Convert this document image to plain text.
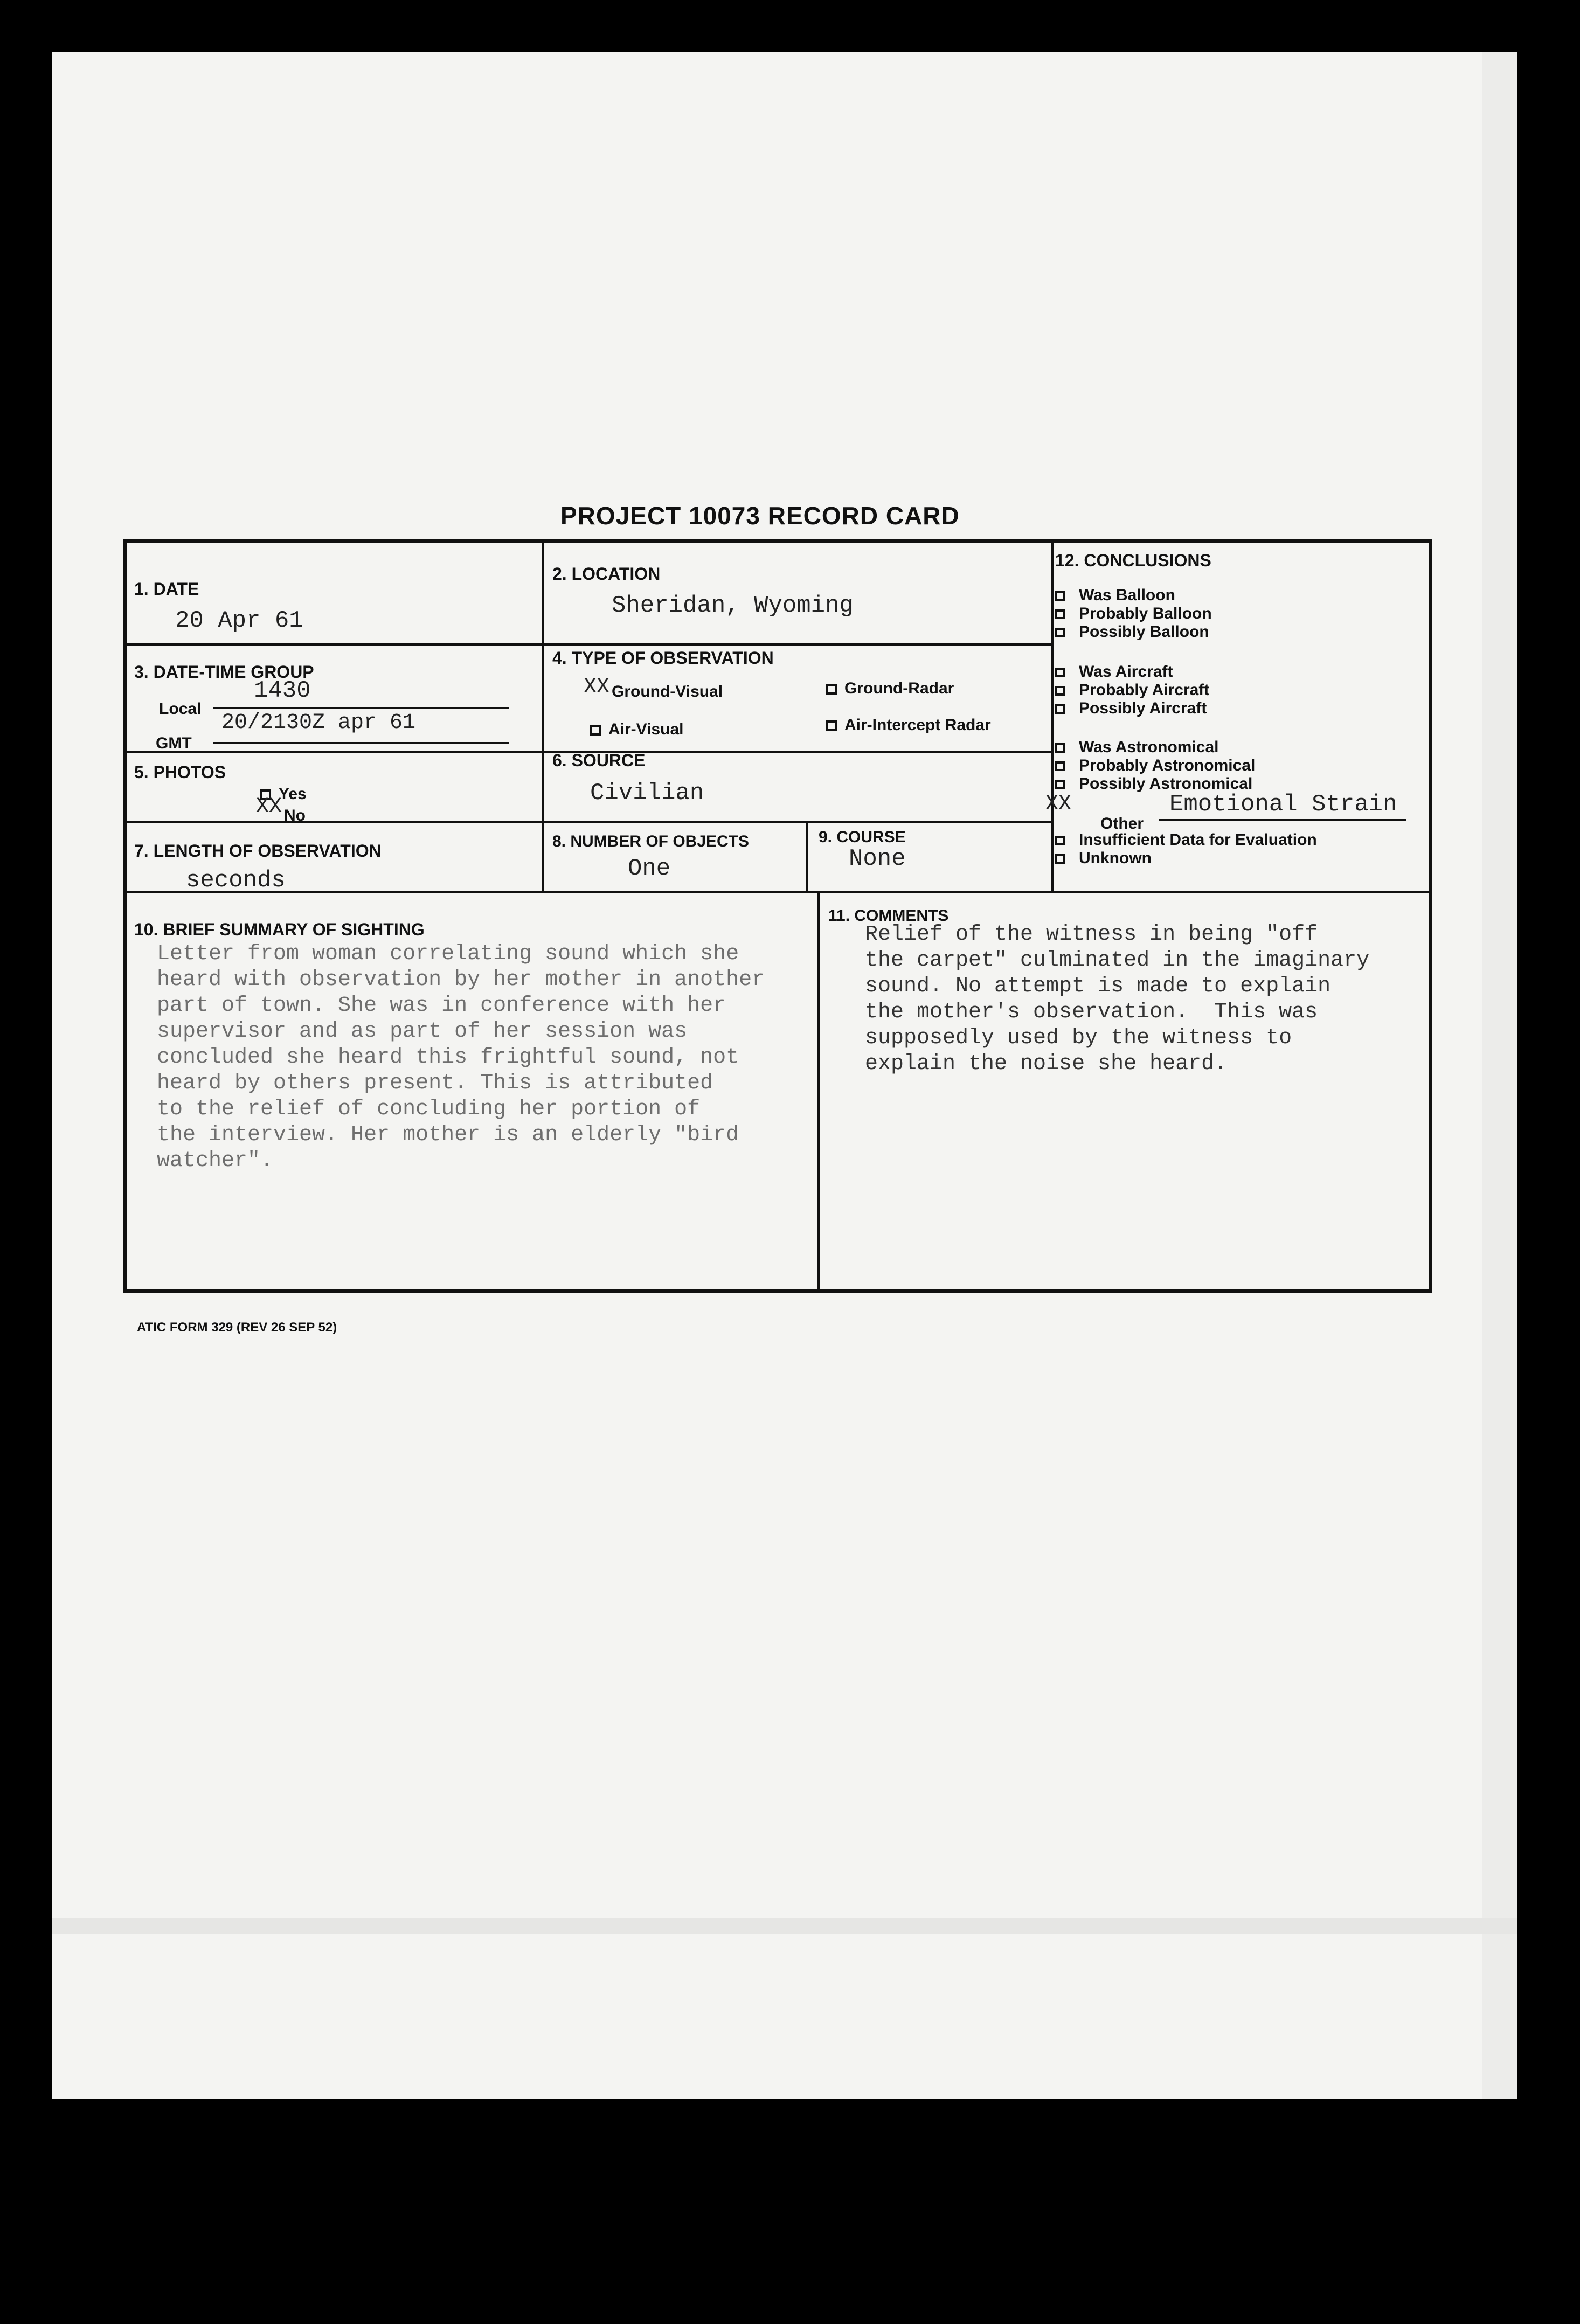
PROJECT 10073 RECORD CARD
1. DATE
20 Apr 61
2. LOCATION
Sheridan, Wyoming
3. DATE-TIME GROUP
Local
1430
GMT
20/2130Z apr 61
4. TYPE OF OBSERVATION
XX Ground-Visual	Ground-Radar
Air-Visual	Air-Intercept Radar
5. PHOTOS
Yes
XX No
6. SOURCE
Civilian
7. LENGTH OF OBSERVATION
seconds
8. NUMBER OF OBJECTS
One
9. COURSE
None
10. BRIEF SUMMARY OF SIGHTING
Letter from woman correlating sound which she
heard with observation by her mother in another
part of town. She was in conference with her
supervisor and as part of her session was
concluded she heard this frightful sound, not
heard by others present. This is attributed
to the relief of concluding her portion of
the interview. Her mother is an elderly "bird
watcher".
11. COMMENTS
Relief of the witness in being "off
the carpet" culminated in the imaginary
sound. No attempt is made to explain
the mother's observation.  This was
supposedly used by the witness to
explain the noise she heard.
12. CONCLUSIONS
Was Balloon
Probably Balloon
Possibly Balloon
Was Aircraft
Probably Aircraft
Possibly Aircraft
Was Astronomical
Probably Astronomical
Possibly Astronomical
XX
Other
Emotional Strain
Insufficient Data for Evaluation
Unknown
ATIC FORM 329 (REV 26 SEP 52)
